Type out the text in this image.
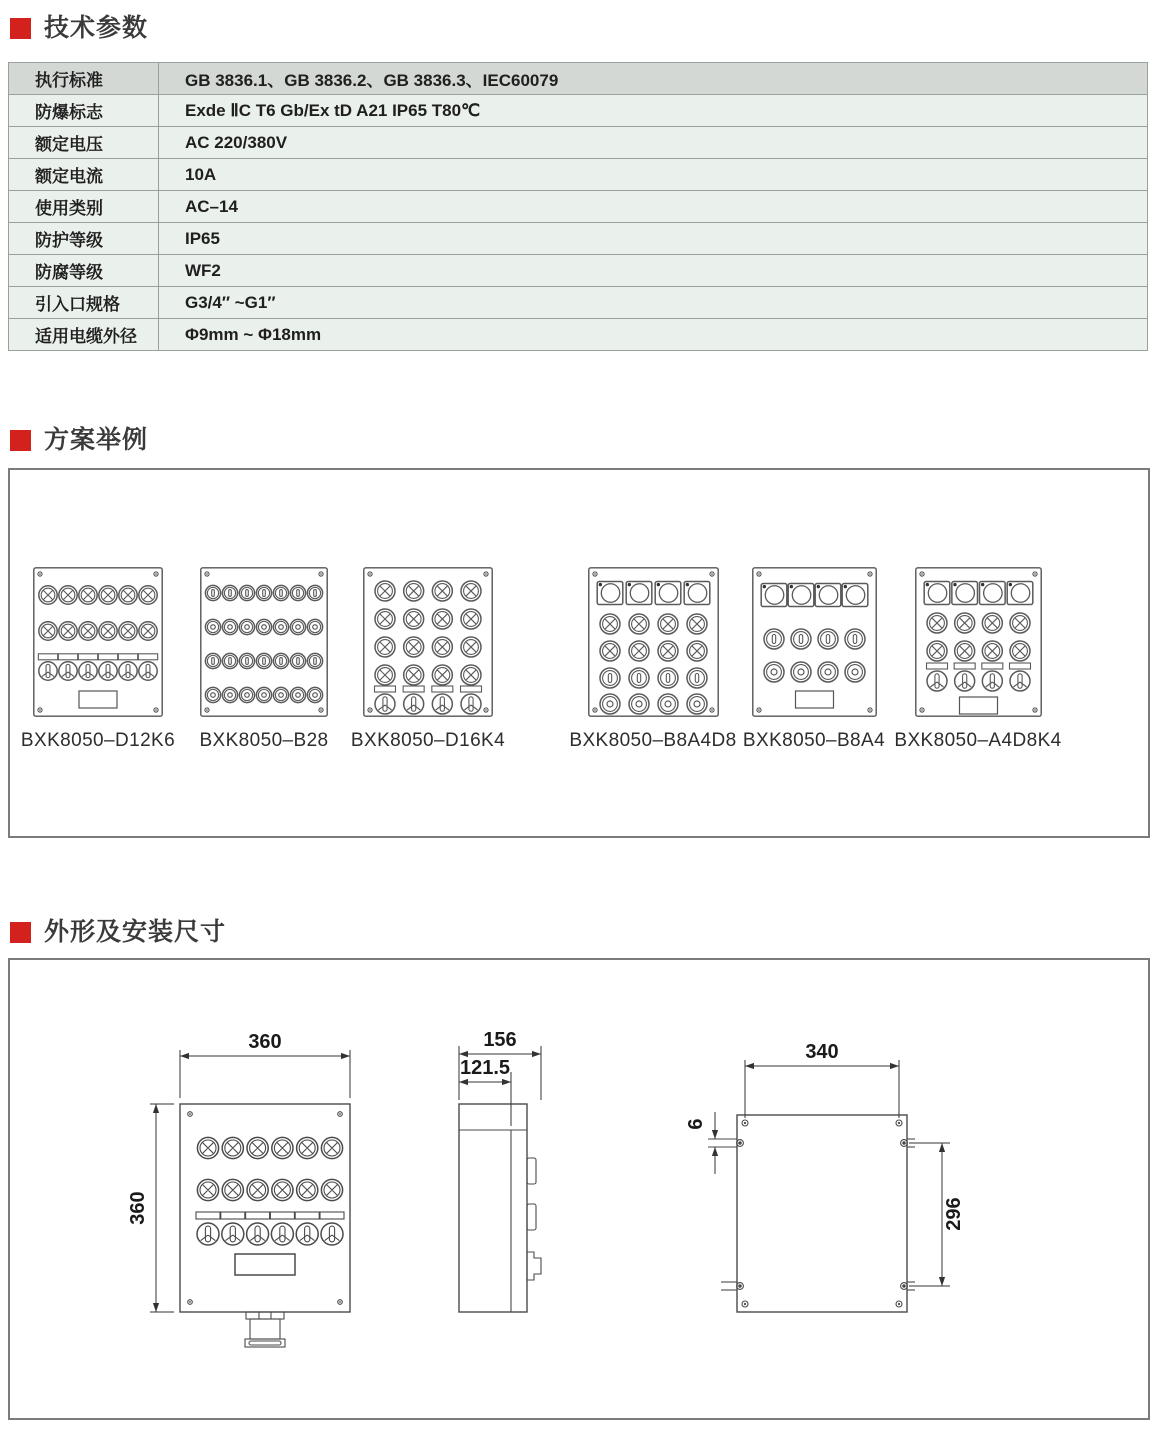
技术参数
执行标准	GB 3836.1、GB 3836.2、GB 3836.3、IEC60079
防爆标志	Exde ⅡC T6 Gb/Ex tD A21 IP65 T80℃
额定电压	AC 220/380V
额定电流	10A
使用类别	AC–14
防护等级	IP65
防腐等级	WF2
引入口规格	G3/4″ ~G1″
适用电缆外径	Φ9mm ~ Φ18mm
方案举例
BXK8050–D12K6 BXK8050–B28 BXK8050–D16K4	BXK8050–B8A4D8 BXK8050–B8A4 BXK8050–A4D8K4
外形及安装尺寸
360
360
156
121.5
340
6
296
